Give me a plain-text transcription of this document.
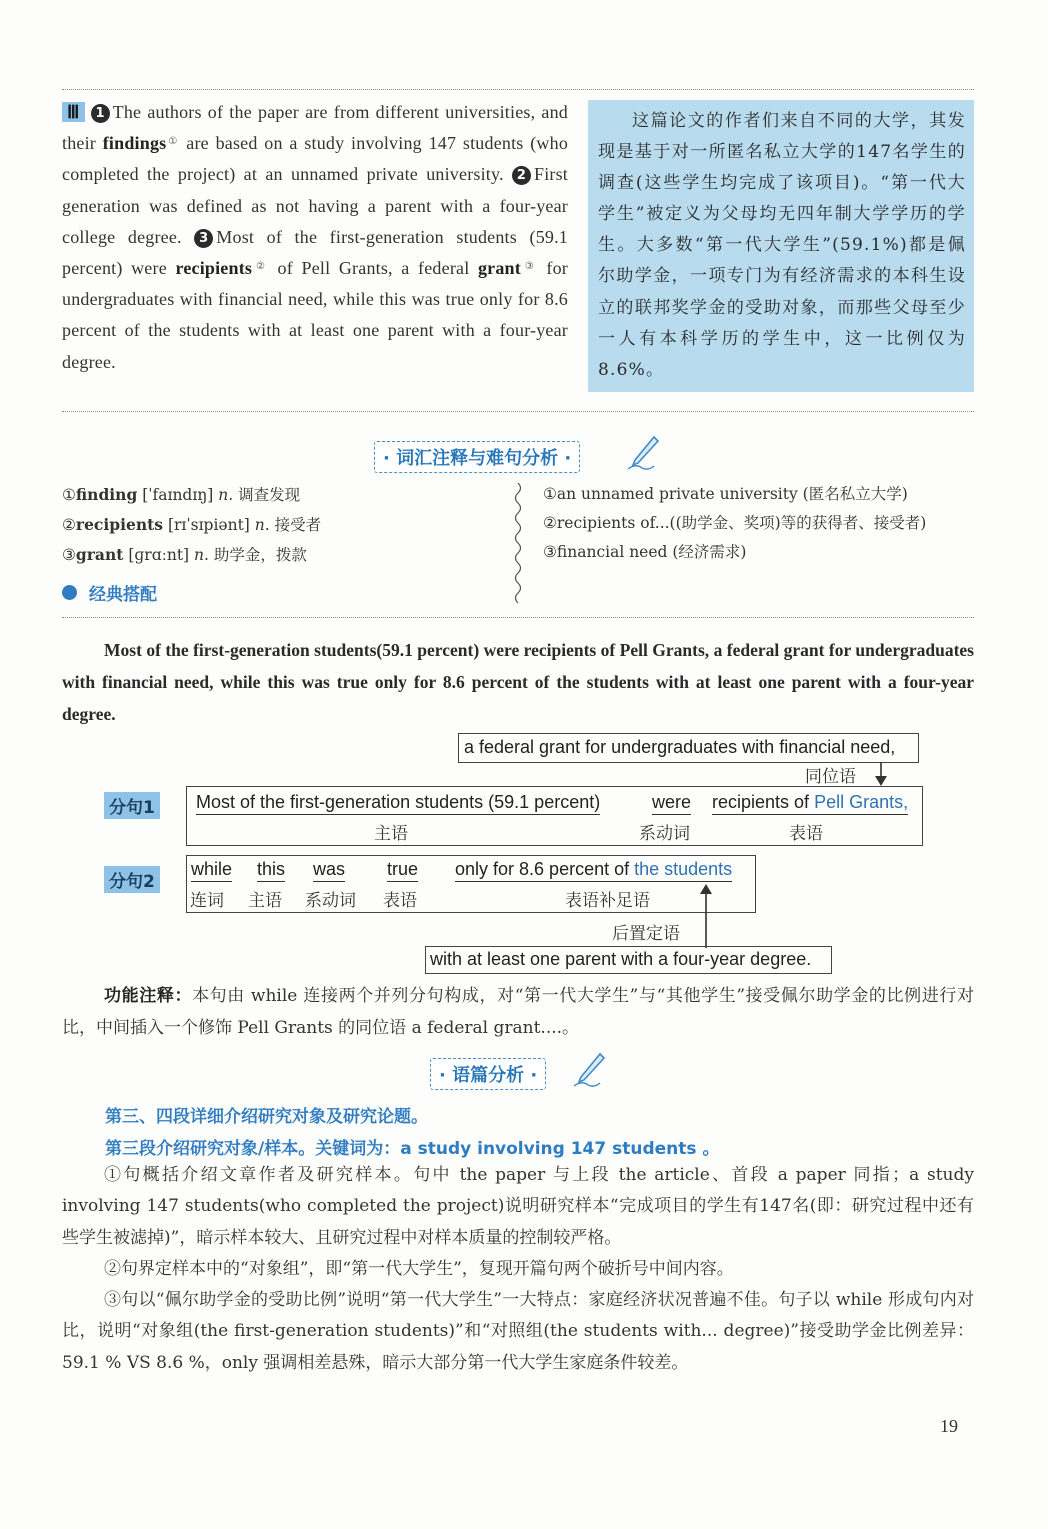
Ⅲ 1 The authors of the paper are from different universities, and their findings① are based on a study involving 147 students (who completed the project) at an unnamed private university. 2 First generation was defined as not having a parent with a four-year college degree. 3 Most of the first-generation students (59.1 percent) were recipients② of Pell Grants, a federal grant③ for undergraduates with financial need, while this was true only for 8.6 percent of the students with at least one parent with a four-year degree.

这篇论文的作者们来自不同的大学，其发现是基于对一所匿名私立大学的147名学生的调查(这些学生均完成了该项目)。“第一代大学生”被定义为父母均无四年制大学学历的学生。大多数“第一代大学生”(59.1%)都是佩尔助学金，一项专门为有经济需求的本科生设立的联邦奖学金的受助对象，而那些父母至少一人有本科学历的学生中，这一比例仅为8.6%。

· 词汇注释与难句分析 ·
①finding [ˈfaɪndɪŋ] n. 调查发现
②recipients [rɪˈsɪpiənt] n. 接受者
③grant [ɡrɑːnt] n. 助学金，拨款
①an unnamed private university (匿名私立大学)
②recipients of...((助学金、奖项)等的获得者、接受者)
③financial need (经济需求)
经典搭配
Most of the first-generation students(59.1 percent) were recipients of Pell Grants, a federal grant for undergraduates with financial need, while this was true only for 8.6 percent of the students with at least one parent with a four-year degree.
a federal grant for undergraduates with financial need,
同位语
分句1 Most of the first-generation students (59.1 percent)	were recipients of Pell Grants,
主语	系动词	表语
分句2
while this was true only for 8.6 percent of the students
连词 主语 系动词 表语	表语补足语
后置定语
with at least one parent with a four-year degree.
功能注释：本句由 while 连接两个并列分句构成，对“第一代大学生”与“其他学生”接受佩尔助学金的比例进行对比，中间插入一个修饰 Pell Grants 的同位语 a federal grant....。
· 语篇分析 ·
第三、四段详细介绍研究对象及研究论题。
第三段介绍研究对象/样本。关键词为：a study involving 147 students 。

①句概括介绍文章作者及研究样本。句中 the paper 与上段 the article、首段 a paper 同指；a study involving 147 students(who completed the project)说明研究样本“完成项目的学生有147名(即：研究过程中还有些学生被滤掉)”，暗示样本较大、且研究过程中对样本质量的控制较严格。

②句界定样本中的“对象组”，即“第一代大学生”，复现开篇句两个破折号中间内容。

③句以“佩尔助学金的受助比例”说明“第一代大学生”一大特点：家庭经济状况普遍不佳。句子以 while 形成句内对比，说明“对象组(the first-generation students)”和“对照组(the students with... degree)”接受助学金比例差异：59.1 % VS 8.6 %，only 强调相差悬殊，暗示大部分第一代大学生家庭条件较差。

19
